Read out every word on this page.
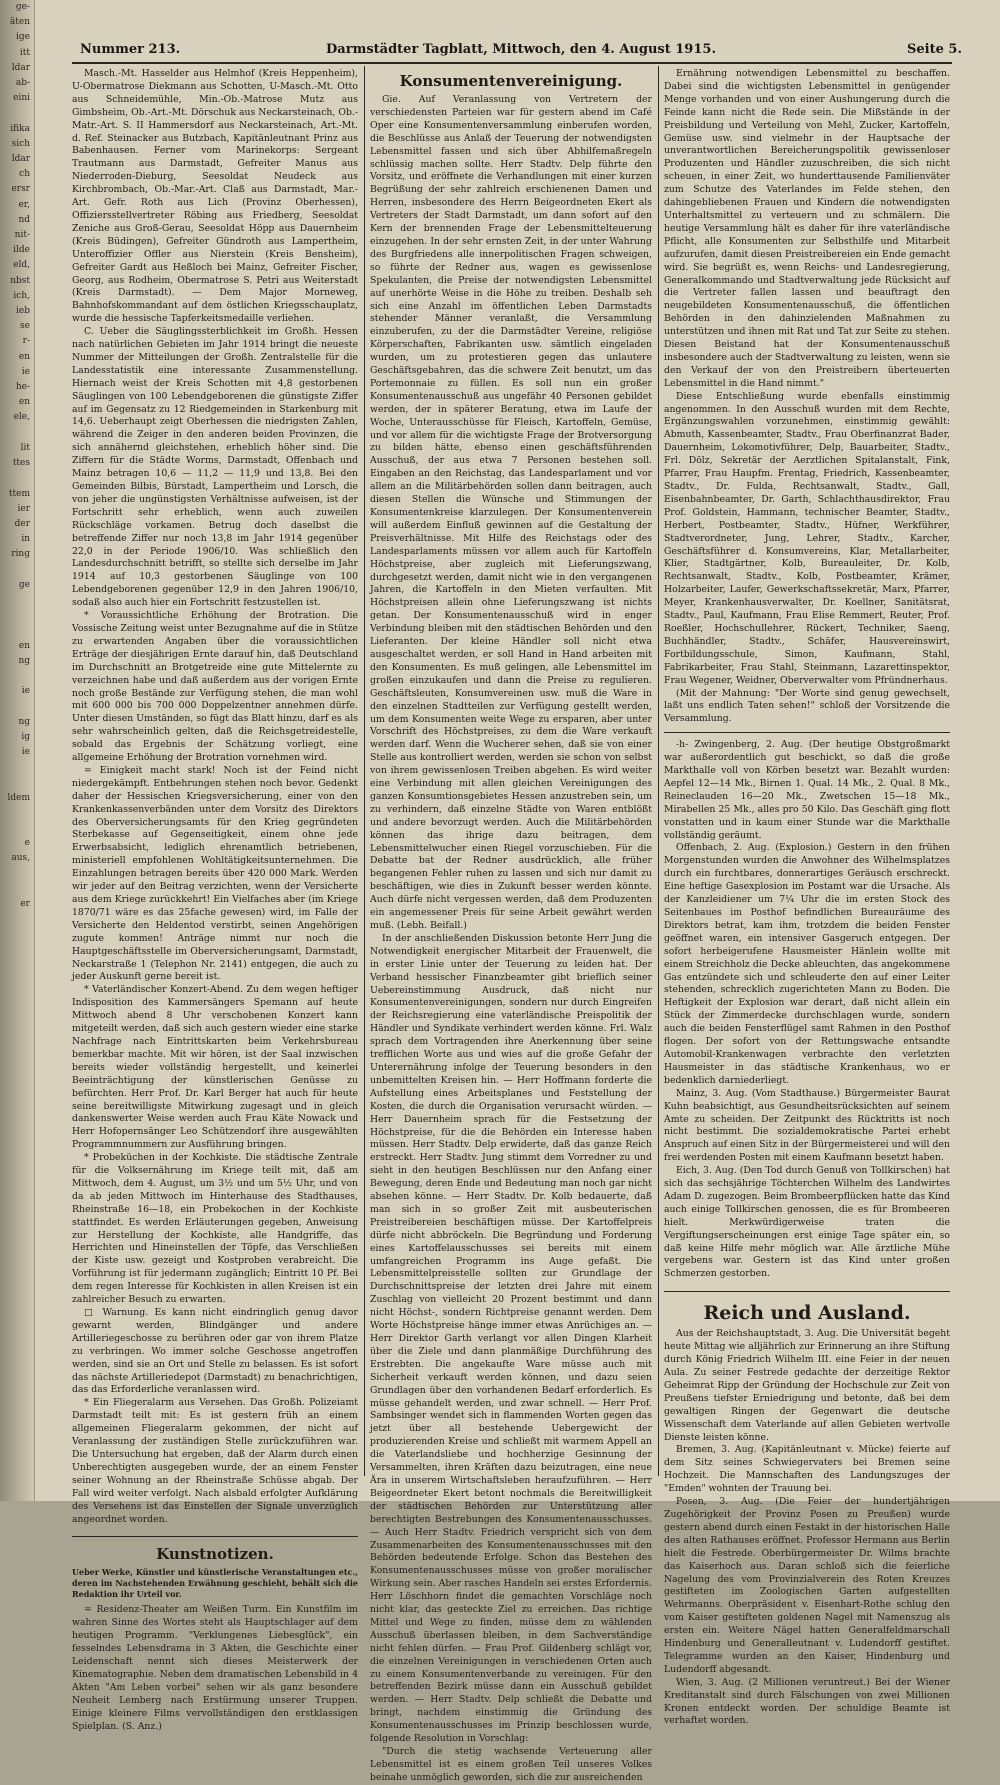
ge-
äten
ige
itt
ldar
ab-
eini

ifika
sich
ldar
ch
ersr
er,
nd
nit-
ilde
eld,
nbst
ich,
ieb
se
r-
en
ie
he-
en
ele,

lit
ttes

ttem
ier
der
in
ring

ge

en
ng

ie

ng
ig
ie

ldem

e
aus,

er

Nummer 213.	Darmstädter Tagblatt, Mittwoch, den 4. August 1915.	Seite 5.

Masch.-Mt. Hasselder aus Helmhof (Kreis Heppenheim), U-Obermatrose Diekmann aus Schotten, U-Masch.-Mt. Otto aus Schneidemühle, Min.-Ob.-Matrose Mutz aus Gimbsheim, Ob.-Art.-Mt. Dörschuk aus Neckarsteinach, Ob.-Matr.-Art. S. II Hammersdorf aus Neckarsteinach, Art.-Mt. d. Ref. Steinacker aus Butzbach, Kapitänleutnant Prinz aus Babenhausen. Ferner vom Marinekorps: Sergeant Trautmann aus Darmstadt, Gefreiter Manus aus Niederroden-Dieburg, Seesoldat Neudeck aus Kirchbrombach, Ob.-Mar.-Art. Claß aus Darmstadt, Mar.-Art. Gefr. Roth aus Lich (Provinz Oberhessen), Offiziersstellvertreter Röbing aus Friedberg, Seesoldat Zeniche aus Groß-Gerau, Seesoldat Höpp aus Dauernheim (Kreis Büdingen), Gefreiter Gündroth aus Lampertheim, Unteroffizier Offler aus Nierstein (Kreis Bensheim), Gefreiter Gardt aus Heßloch bei Mainz, Gefreiter Fischer, Georg, aus Rodheim, Obermatrose S. Petri aus Weiterstadt (Kreis Darmstadt). — Dem Major Morneweg, Bahnhofskommandant auf dem östlichen Kriegsschauplatz, wurde die hessische Tapferkeitsmedaille verliehen.

C. Ueber die Säuglingssterblichkeit im Großh. Hessen nach natürlichen Gebieten im Jahr 1914 bringt die neueste Nummer der Mitteilungen der Großh. Zentralstelle für die Landesstatistik eine interessante Zusammenstellung. Hiernach weist der Kreis Schotten mit 4,8 gestorbenen Säuglingen von 100 Lebendgeborenen die günstigste Ziffer auf im Gegensatz zu 12 Riedgemeinden in Starkenburg mit 14,6. Ueberhaupt zeigt Oberhessen die niedrigsten Zahlen, während die Zeiger in den anderen beiden Provinzen, die sich annähernd gleichstehen, erheblich höher sind. Die Ziffern für die Städte Worms, Darmstadt, Offenbach und Mainz betragen 10,6 — 11,2 — 11,9 und 13,8. Bei den Gemeinden Bilbis, Bürstadt, Lampertheim und Lorsch, die von jeher die ungünstigsten Verhältnisse aufweisen, ist der Fortschritt sehr erheblich, wenn auch zuweilen Rückschläge vorkamen. Betrug doch daselbst die betreffende Ziffer nur noch 13,8 im Jahr 1914 gegenüber 22,0 in der Periode 1906/10. Was schließlich den Landesdurchschnitt betrifft, so stellte sich derselbe im Jahr 1914 auf 10,3 gestorbenen Säuglinge von 100 Lebendgeborenen gegenüber 12,9 in den Jahren 1906/10, sodaß also auch hier ein Fortschritt festzustellen ist.

* Voraussichtliche Erhöhung der Brotration. Die Vossische Zeitung weist unter Bezugnahme auf die in Stütze zu erwartenden Angaben über die voraussichtlichen Erträge der diesjährigen Ernte darauf hin, daß Deutschland im Durchschnitt an Brotgetreide eine gute Mittelernte zu verzeichnen habe und daß außerdem aus der vorigen Ernte noch große Bestände zur Verfügung stehen, die man wohl mit 600 000 bis 700 000 Doppelzentner annehmen dürfe. Unter diesen Umständen, so fügt das Blatt hinzu, darf es als sehr wahrscheinlich gelten, daß die Reichsgetreidestelle, sobald das Ergebnis der Schätzung vorliegt, eine allgemeine Erhöhung der Brotration vornehmen wird.

= Einigkeit macht stark! Noch ist der Feind nicht niedergekämpft. Entbehrungen stehen noch bevor. Gedenkt daher der Hessischen Kriegsversicherung, einer von den Krankenkassenverbänden unter dem Vorsitz des Direktors des Oberversicherungsamts für den Krieg gegründeten Sterbekasse auf Gegenseitigkeit, einem ohne jede Erwerbsabsicht, lediglich ehrenamtlich betriebenen, ministeriell empfohlenen Wohltätigkeitsunternehmen. Die Einzahlungen betragen bereits über 420 000 Mark. Werden wir jeder auf den Beitrag verzichten, wenn der Versicherte aus dem Kriege zurückkehrt! Ein Vielfaches aber (im Kriege 1870/71 wäre es das 25fache gewesen) wird, im Falle der Versicherte den Heldentod verstirbt, seinen Angehörigen zugute kommen! Anträge nimmt nur noch die Hauptgeschäftsstelle im Oberversicherungsamt, Darmstadt, Neckarstraße 1 (Telephon Nr. 2141) entgegen, die auch zu jeder Auskunft gerne bereit ist.

* Vaterländischer Konzert-Abend. Zu dem wegen heftiger Indisposition des Kammersängers Spemann auf heute Mittwoch abend 8 Uhr verschobenen Konzert kann mitgeteilt werden, daß sich auch gestern wieder eine starke Nachfrage nach Eintrittskarten beim Verkehrsbureau bemerkbar machte. Mit wir hören, ist der Saal inzwischen bereits wieder vollständig hergestellt, und keinerlei Beeinträchtigung der künstlerischen Genüsse zu befürchten. Herr Prof. Dr. Karl Berger hat auch für heute seine bereitwilligste Mitwirkung zugesagt und in gleich dankenswerter Weise werden auch Frau Käte Nowack und Herr Hofopernsänger Leo Schützendorf ihre ausgewählten Programmnummern zur Ausführung bringen.

* Probeküchen in der Kochkiste. Die städtische Zentrale für die Volksernährung im Kriege teilt mit, daß am Mittwoch, dem 4. August, um 3½ und um 5½ Uhr, und von da ab jeden Mittwoch im Hinterhause des Stadthauses, Rheinstraße 16—18, ein Probekochen in der Kochkiste stattfindet. Es werden Erläuterungen gegeben, Anweisung zur Herstellung der Kochkiste, alle Handgriffe, das Herrichten und Hineinstellen der Töpfe, das Verschließen der Kiste usw. gezeigt und Kostproben verabreicht. Die Vorführung ist für jedermann zugänglich; Eintritt 10 Pf. Bei dem regen Interesse für Kochkisten in allen Kreisen ist ein zahlreicher Besuch zu erwarten.

□ Warnung. Es kann nicht eindringlich genug davor gewarnt werden, Blindgänger und andere Artilleriegeschosse zu berühren oder gar von ihrem Platze zu verbringen. Wo immer solche Geschosse angetroffen werden, sind sie an Ort und Stelle zu belassen. Es ist sofort das nächste Artilleriedepot (Darmstadt) zu benachrichtigen, das das Erforderliche veranlassen wird.

* Ein Fliegeralarm aus Versehen. Das Großh. Polizeiamt Darmstadt teilt mit: Es ist gestern früh an einem allgemeinen Fliegeralarm gekommen, der nicht auf Veranlassung der zuständigen Stelle zurückzuführen war. Die Untersuchung hat ergeben, daß der Alarm durch einen Unberechtigten ausgegeben wurde, der an einem Fenster seiner Wohnung an der Rheinstraße Schüsse abgab. Der Fall wird weiter verfolgt. Nach alsbald erfolgter Aufklärung des Versehens ist das Einstellen der Signale unverzüglich angeordnet worden.

Kunstnotizen.

Ueber Werke, Künstler und künstlerische Veranstaltungen etc., deren im Nachstehenden Erwähnung geschieht, behält sich die Redaktion ihr Urteil vor.

= Residenz-Theater am Weißen Turm. Ein Kunstfilm im wahren Sinne des Wortes steht als Hauptschlager auf dem heutigen Programm. "Verklungenes Liebesglück", ein fesselndes Lebensdrama in 3 Akten, die Geschichte einer Leidenschaft nennt sich dieses Meisterwerk der Kinematographie. Neben dem dramatischen Lebensbild in 4 Akten "Am Leben vorbei" sehen wir als ganz besondere Neuheit Lemberg nach Erstürmung unserer Truppen. Einige kleinere Films vervollständigen den erstklassigen Spielplan. (S. Anz.)

Konsumentenvereinigung.

Gie. Auf Veranlassung von Vertretern der verschiedensten Parteien war für gestern abend im Café Oper eine Konsumentenversammlung einberufen worden, die Beschlüsse aus Anlaß der Teuerung der notwendigsten Lebensmittel fassen und sich über Abhilfemaßregeln schlüssig machen sollte. Herr Stadtv. Delp führte den Vorsitz, und eröffnete die Verhandlungen mit einer kurzen Begrüßung der sehr zahlreich erschienenen Damen und Herren, insbesondere des Herrn Beigeordneten Ekert als Vertreters der Stadt Darmstadt, um dann sofort auf den Kern der brennenden Frage der Lebensmittelteuerung einzugehen. In der sehr ernsten Zeit, in der unter Wahrung des Burgfriedens alle innerpolitischen Fragen schweigen, so führte der Redner aus, wagen es gewissenlose Spekulanten, die Preise der notwendigsten Lebensmittel auf unerhörte Weise in die Höhe zu treiben. Deshalb seh sich eine Anzahl im öffentlichen Leben Darmstadts stehender Männer veranlaßt, die Versammlung einzuberufen, zu der die Darmstädter Vereine, religiöse Körperschaften, Fabrikanten usw. sämtlich eingeladen wurden, um zu protestieren gegen das unlautere Geschäftsgebahren, das die schwere Zeit benutzt, um das Portemonnaie zu füllen. Es soll nun ein großer Konsumentenausschuß aus ungefähr 40 Personen gebildet werden, der in späterer Beratung, etwa im Laufe der Woche, Unterausschüsse für Fleisch, Kartoffeln, Gemüse, und vor allem für die wichtigste Frage der Brotversorgung zu bilden hätte, ebenso einen geschäftsführenden Ausschuß, der aus etwa 7 Personen bestehen soll. Eingaben an den Reichstag, das Landesparlament und vor allem an die Militärbehörden sollen dann beitragen, auch diesen Stellen die Wünsche und Stimmungen der Konsumentenkreise klarzulegen. Der Konsumentenverein will außerdem Einfluß gewinnen auf die Gestaltung der Preisverhältnisse. Mit Hilfe des Reichstags oder des Landesparlaments müssen vor allem auch für Kartoffeln Höchstpreise, aber zugleich mit Lieferungszwang, durchgesetzt werden, damit nicht wie in den vergangenen Jahren, die Kartoffeln in den Mieten verfaulten. Mit Höchstpreisen allein ohne Lieferungszwang ist nichts getan. Der Konsumentenausschuß wird in enger Verbindung bleiben mit den städtischen Behörden und den Lieferanten. Der kleine Händler soll nicht etwa ausgeschaltet werden, er soll Hand in Hand arbeiten mit den Konsumenten. Es muß gelingen, alle Lebensmittel im großen einzukaufen und dann die Preise zu regulieren. Geschäftsleuten, Konsumvereinen usw. muß die Ware in den einzelnen Stadtteilen zur Verfügung gestellt werden, um dem Konsumenten weite Wege zu ersparen, aber unter Vorschrift des Höchstpreises, zu dem die Ware verkauft werden darf. Wenn die Wucherer sehen, daß sie von einer Stelle aus kontrolliert werden, werden sie schon von selbst von ihrem gewissenlosen Treiben abgehen. Es wird weiter eine Verbindung mit allen gleichen Vereinigungen des ganzen Konsumtionsgebietes Hessen anzustreben sein, um zu verhindern, daß einzelne Städte von Waren entblößt und andere bevorzugt werden. Auch die Militärbehörden können das ihrige dazu beitragen, dem Lebensmittelwucher einen Riegel vorzuschieben. Für die Debatte bat der Redner ausdrücklich, alle früher begangenen Fehler ruhen zu lassen und sich nur damit zu beschäftigen, wie dies in Zukunft besser werden könnte. Auch dürfe nicht vergessen werden, daß dem Produzenten ein angemessener Preis für seine Arbeit gewährt werden muß. (Lebh. Beifall.)

In der anschließenden Diskussion betonte Herr Jung die Notwendigkeit energischer Mitarbeit der Frauenwelt, die in erster Linie unter der Teuerung zu leiden hat. Der Verband hessischer Finanzbeamter gibt brieflich seiner Uebereinstimmung Ausdruck, daß nicht nur Konsumentenvereinigungen, sondern nur durch Eingreifen der Reichsregierung eine vaterländische Preispolitik der Händler und Syndikate verhindert werden könne. Frl. Walz sprach dem Vortragenden ihre Anerkennung über seine trefflichen Worte aus und wies auf die große Gefahr der Unterernährung infolge der Teuerung besonders in den unbemittelten Kreisen hin. — Herr Hoffmann forderte die Aufstellung eines Arbeitsplanes und Feststellung der Kosten, die durch die Organisation verursacht würden. — Herr Dauernheim sprach für die Festsetzung der Höchstpreise, für die die Behörden ein Interesse haben müssen. Herr Stadtv. Delp erwiderte, daß das ganze Reich erstreckt. Herr Stadtv. Jung stimmt dem Vorredner zu und sieht in den heutigen Beschlüssen nur den Anfang einer Bewegung, deren Ende und Bedeutung man noch gar nicht absehen könne. — Herr Stadtv. Dr. Kolb bedauerte, daß man sich in so großer Zeit mit ausbeuterischen Preistreibereien beschäftigen müsse. Der Kartoffelpreis dürfe nicht abbröckeln. Die Begründung und Forderung eines Kartoffelausschusses sei bereits mit einem umfangreichen Programm ins Auge gefaßt. Die Lebensmittelpreisstelle sollten zur Grundlage der Durchschnittspreise der letzten drei Jahre mit einem Zuschlag von vielleicht 20 Prozent bestimmt und dann nicht Höchst-, sondern Richtpreise genannt werden. Dem Worte Höchstpreise hänge immer etwas Anrüchiges an. — Herr Direktor Garth verlangt vor allen Dingen Klarheit über die Ziele und dann planmäßige Durchführung des Erstrebten. Die angekaufte Ware müsse auch mit Sicherheit verkauft werden können, und dazu seien Grundlagen über den vorhandenen Bedarf erforderlich. Es müsse gehandelt werden, und zwar schnell. — Herr Prof. Sambsinger wendet sich in flammenden Worten gegen das jetzt über all bestehende Uebergewicht der produzierenden Kreise und schließt mit warmem Appell an die Vaterlandsliebe und hochherzige Gesinnung der Versammelten, ihren Kräften dazu beizutragen, eine neue Ära in unserem Wirtschaftsleben heraufzuführen. — Herr Beigeordneter Ekert betont nochmals die Bereitwilligkeit der städtischen Behörden zur Unterstützung aller berechtigten Bestrebungen des Konsumentenausschusses. — Auch Herr Stadtv. Friedrich verspricht sich von dem Zusammenarbeiten des Konsumentenausschusses mit den Behörden bedeutende Erfolge. Schon das Bestehen des Konsumentenausschusses müsse von großer moralischer Wirkung sein. Aber rasches Handeln sei erstes Erfordernis. Herr Löschhorn findet die gemachten Vorschläge noch nicht klar, das gesteckte Ziel zu erreichen. Das richtige Mittel und Wege zu finden, müsse dem zu wählenden Ausschuß überlassen bleiben, in dem Sachverständige nicht fehlen dürfen. — Frau Prof. Gildenberg schlägt vor, die einzelnen Vereinigungen in verschiedenen Orten auch zu einem Konsumentenverbande zu vereinigen. Für den betreffenden Bezirk müsse dann ein Ausschuß gebildet werden. — Herr Stadtv. Delp schließt die Debatte und bringt, nachdem einstimmig die Gründung des Konsumentenausschusses im Prinzip beschlossen wurde, folgende Resolution in Vorschlag:

"Durch die stetig wachsende Verteuerung aller Lebensmittel ist es einem großen Teil unseres Volkes beinahe unmöglich geworden, sich die zur ausreichenden

Ernährung notwendigen Lebensmittel zu beschaffen. Dabei sind die wichtigsten Lebensmittel in genügender Menge vorhanden und von einer Aushungerung durch die Feinde kann nicht die Rede sein. Die Mißstände in der Preisbildung und Verteilung von Mehl, Zucker, Kartoffeln, Gemüse usw. sind vielmehr in der Hauptsache der unverantwortlichen Bereicherungspolitik gewissenloser Produzenten und Händler zuzuschreiben, die sich nicht scheuen, in einer Zeit, wo hunderttausende Familienväter zum Schutze des Vaterlandes im Felde stehen, den dahingebliebenen Frauen und Kindern die notwendigsten Unterhaltsmittel zu verteuern und zu schmälern. Die heutige Versammlung hält es daher für ihre vaterländische Pflicht, alle Konsumenten zur Selbsthilfe und Mitarbeit aufzurufen, damit diesen Preistreibereien ein Ende gemacht wird. Sie begrüßt es, wenn Reichs- und Landesregierung, Generalkommando und Stadtverwaltung jede Rücksicht auf die Vertreter fallen lassen und beauftragt den neugebildeten Konsumentenausschuß, die öffentlichen Behörden in den dahinzielenden Maßnahmen zu unterstützen und ihnen mit Rat und Tat zur Seite zu stehen. Diesen Beistand hat der Konsumentenausschuß insbesondere auch der Stadtverwaltung zu leisten, wenn sie den Verkauf der von den Preistreibern überteuerten Lebensmittel in die Hand nimmt."

Diese Entschließung wurde ebenfalls einstimmig angenommen. In den Ausschuß wurden mit dem Rechte, Ergänzungswahlen vorzunehmen, einstimmig gewählt: Abmuth, Kassenbeamter, Stadtv., Frau Oberfinanzrat Bader, Dauernheim, Lokomotivführer, Delp, Bauarbeiter, Stadtv., Frl. Dölz, Sekretär der Aerztlichen Spitalanstalt, Fink, Pfarrer, Frau Haupfm. Frentag, Friedrich, Kassenbeamter, Stadtv., Dr. Fulda, Rechtsanwalt, Stadtv., Gall, Eisenbahnbeamter, Dr. Garth, Schlachthausdirektor, Frau Prof. Goldstein, Hammann, technischer Beamter, Stadtv., Herbert, Postbeamter, Stadtv., Hüfner, Werkführer, Stadtverordneter, Jung, Lehrer, Stadtv., Karcher, Geschäftsführer d. Konsumvereins, Klar, Metallarbeiter, Klier, Stadtgärtner, Kolb, Bureauleiter, Dr. Kolb, Rechtsanwalt, Stadtv., Kolb, Postbeamter, Krämer, Holzarbeiter, Laufer, Gewerkschaftssekretär, Marx, Pfarrer, Meyer, Krankenhausverwalter, Dr. Koellner, Sanitätsrat, Stadtv., Paul, Kaufmann, Frau Elise Remmert, Reuter, Prof. Roeßler, Hochschullehrer, Rückert, Techniker, Saeng, Buchhändler, Stadtv., Schäfer, Hausvereinswirt, Fortbildungsschule, Simon, Kaufmann, Stahl, Fabrikarbeiter, Frau Stahl, Steinmann, Lazarettinspektor, Frau Wegener, Weidner, Oberverwalter vom Pfründnerhaus.

(Mit der Mahnung: "Der Worte sind genug gewechselt, laßt uns endlich Taten sehen!" schloß der Vorsitzende die Versammlung.

-h- Zwingenberg, 2. Aug. (Der heutige Obstgroßmarkt war außerordentlich gut beschickt, so daß die große Markthalle voll von Körben besetzt war. Bezahlt wurden: Aepfel 12—14 Mk., Birnen 1. Qual. 14 Mk., 2. Qual. 8 Mk., Reineclauden 16—20 Mk., Zwetschen 15—18 Mk., Mirabellen 25 Mk., alles pro 50 Kilo. Das Geschäft ging flott vonstatten und in kaum einer Stunde war die Markthalle vollständig geräumt.

Offenbach, 2. Aug. (Explosion.) Gestern in den frühen Morgenstunden wurden die Anwohner des Wilhelmsplatzes durch ein furchtbares, donnerartiges Geräusch erschreckt. Eine heftige Gasexplosion im Postamt war die Ursache. Als der Kanzleidiener um 7¼ Uhr die im ersten Stock des Seitenbaues im Posthof befindlichen Bureauräume des Direktors betrat, kam ihm, trotzdem die beiden Fenster geöffnet waren, ein intensiver Gasgeruch entgegen. Der sofort herbeigerufene Hausmeister Hänlein wollte mit einem Streichholz die Decke ableuchten, das angekommene Gas entzündete sich und schleuderte den auf einer Leiter stehenden, schrecklich zugerichteten Mann zu Boden. Die Heftigkeit der Explosion war derart, daß nicht allein ein Stück der Zimmerdecke durchschlagen wurde, sondern auch die beiden Fensterflügel samt Rahmen in den Posthof flogen. Der sofort von der Rettungswache entsandte Automobil-Krankenwagen verbrachte den verletzten Hausmeister in das städtische Krankenhaus, wo er bedenklich darniederliegt.

Mainz, 3. Aug. (Vom Stadthause.) Bürgermeister Baurat Kuhn beabsichtigt, aus Gesundheitsrücksichten auf seinem Amte zu scheiden. Der Zeitpunkt des Rücktritts ist noch nicht bestimmt. Die sozialdemokratische Partei erhebt Anspruch auf einen Sitz in der Bürgermeisterei und will den frei werdenden Posten mit einem Kaufmann besetzt haben.

Eich, 3. Aug. (Den Tod durch Genuß von Tollkirschen) hat sich das sechsjährige Töchterchen Wilhelm des Landwirtes Adam D. zugezogen. Beim Brombeerpflücken hatte das Kind auch einige Tollkirschen genossen, die es für Brombeeren hielt. Merkwürdigerweise traten die Vergiftungserscheinungen erst einige Tage später ein, so daß keine Hilfe mehr möglich war. Alle ärztliche Mühe vergebens war. Gestern ist das Kind unter großen Schmerzen gestorben.

Reich und Ausland.

Aus der Reichshauptstadt, 3. Aug. Die Universität begeht heute Mittag wie alljährlich zur Erinnerung an ihre Stiftung durch König Friedrich Wilhelm III. eine Feier in der neuen Aula. Zu seiner Festrede gedachte der derzeitige Rektor Geheimrat Ripp der Gründung der Hochschule zur Zeit von Preußens tiefster Erniedrigung und betonte, daß bei dem gewaltigen Ringen der Gegenwart die deutsche Wissenschaft dem Vaterlande auf allen Gebieten wertvolle Dienste leisten könne.

Bremen, 3. Aug. (Kapitänleutnant v. Mücke) feierte auf dem Sitz seines Schwiegervaters bei Bremen seine Hochzeit. Die Mannschaften des Landungszuges der "Emden" wohnten der Trauung bei.

Posen, 3. Aug. (Die Feier der hundertjährigen Zugehörigkeit der Provinz Posen zu Preußen) wurde gestern abend durch einen Festakt in der historischen Halle des alten Rathauses eröffnet. Professor Hermann aus Berlin hielt die Festrede. Oberbürgermeister Dr. Wilms brachte das Kaiserhoch aus. Daran schloß sich die feierliche Nagelung des vom Provinzialverein des Roten Kreuzes gestifteten im Zoologischen Garten aufgestellten Wehrmanns. Oberpräsident v. Eisenhart-Rothe schlug den vom Kaiser gestifteten goldenen Nagel mit Namenszug als ersten ein. Weitere Nägel hatten Generalfeldmarschall Hindenburg und Generalleutnant v. Ludendorff gestiftet. Telegramme wurden an den Kaiser, Hindenburg und Ludendorff abgesandt.

Wien, 3. Aug. (2 Millionen veruntreut.) Bei der Wiener Kreditanstalt sind durch Fälschungen von zwei Millionen Kronen entdeckt worden. Der schuldige Beamte ist verhaftet worden.
